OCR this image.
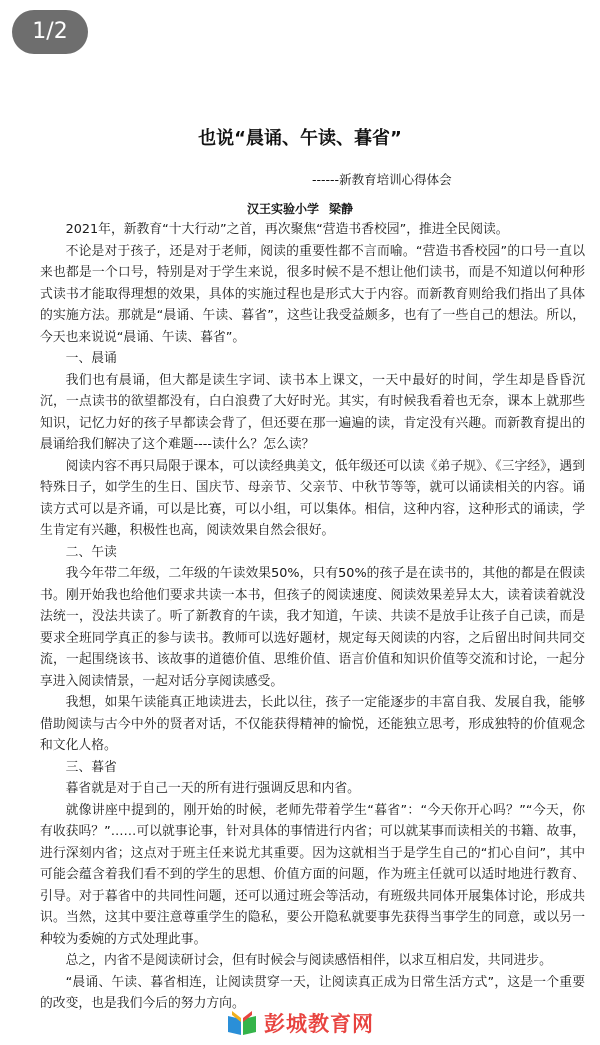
1/2
也说“晨诵、午读、暮省”
------新教育培训心得体会
汉王实验小学 梁静

2021年，新教育“十大行动”之首，再次聚焦“营造书香校园”，推进全民阅读。

不论是对于孩子，还是对于老师，阅读的重要性都不言而喻。“营造书香校园”的口号一直以来也都是一个口号，特别是对于学生来说，很多时候不是不想让他们读书，而是不知道以何种形式读书才能取得理想的效果，具体的实施过程也是形式大于内容。而新教育则给我们指出了具体的实施方法。那就是“晨诵、午读、暮省”，这些让我受益颇多，也有了一些自己的想法。所以，今天也来说说“晨诵、午读、暮省”。

一、晨诵

我们也有晨诵，但大都是读生字词、读书本上课文，一天中最好的时间，学生却是昏昏沉沉，一点读书的欲望都没有，白白浪费了大好时光。其实，有时候我看着也无奈，课本上就那些知识，记忆力好的孩子早都读会背了，但还要在那一遍遍的读，肯定没有兴趣。而新教育提出的晨诵给我们解决了这个难题----读什么？怎么读？

阅读内容不再只局限于课本，可以读经典美文，低年级还可以读《弟子规》、《三字经》，遇到特殊日子，如学生的生日、国庆节、母亲节、父亲节、中秋节等等，就可以诵读相关的内容。诵读方式可以是齐诵，可以是比赛，可以小组，可以集体。相信，这种内容，这种形式的诵读，学生肯定有兴趣，积极性也高，阅读效果自然会很好。

二、午读

我今年带二年级，二年级的午读效果50%，只有50%的孩子是在读书的，其他的都是在假读书。刚开始我也给他们要求共读一本书，但孩子的阅读速度、阅读效果差异太大，读着读着就没法统一，没法共读了。听了新教育的午读，我才知道，午读、共读不是放手让孩子自己读，而是要求全班同学真正的参与读书。教师可以选好题材，规定每天阅读的内容，之后留出时间共同交流，一起围绕该书、该故事的道德价值、思维价值、语言价值和知识价值等交流和讨论，一起分享进入阅读情景，一起对话分享阅读感受。

我想，如果午读能真正地读进去，长此以往，孩子一定能逐步的丰富自我、发展自我，能够借助阅读与古今中外的贤者对话，不仅能获得精神的愉悦，还能独立思考，形成独特的价值观念和文化人格。

三、暮省

暮省就是对于自己一天的所有进行强调反思和内省。

就像讲座中提到的，刚开始的时候，老师先带着学生“暮省”：“今天你开心吗？”“今天，你有收获吗？”……可以就事论事，针对具体的事情进行内省；可以就某事而读相关的书籍、故事，进行深刻内省；这点对于班主任来说尤其重要。因为这就相当于是学生自己的“扪心自问”，其中可能会蕴含着我们看不到的学生的思想、价值方面的问题，作为班主任就可以适时地进行教育、引导。对于暮省中的共同性问题，还可以通过班会等活动，有班级共同体开展集体讨论，形成共识。当然，这其中要注意尊重学生的隐私，要公开隐私就要事先获得当事学生的同意，或以另一种较为委婉的方式处理此事。

总之，内省不是阅读研讨会，但有时候会与阅读感悟相伴，以求互相启发，共同进步。

“晨诵、午读、暮省相连，让阅读贯穿一天，让阅读真正成为日常生活方式”，这是一个重要的改变，也是我们今后的努力方向。

彭城教育网
